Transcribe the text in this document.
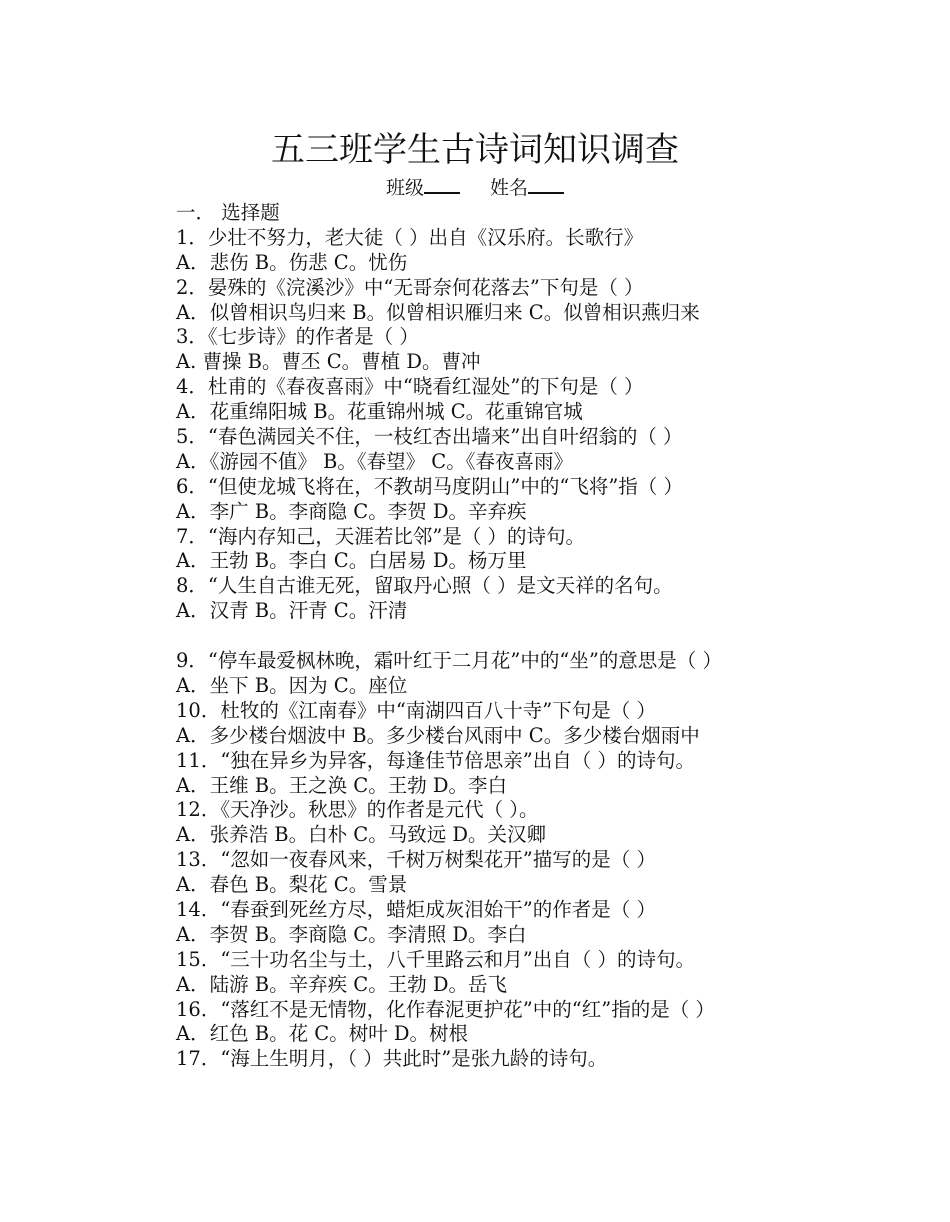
五三班学生古诗词知识调查
班级	姓名
一． 选择题
1．少壮不努力，老大徒（ ）出自《汉乐府。长歌行》
A．悲伤 B。伤悲 C。忧伤
2．晏殊的《浣溪沙》中“无哥奈何花落去”下句是（ ）
A．似曾相识鸟归来 B。似曾相识雁归来 C。似曾相识燕归来
3．《七步诗》的作者是（ ）
A. 曹操 B。曹丕 C。曹植 D。曹冲
4．杜甫的《春夜喜雨》中“晓看红湿处”的下句是（ ）
A．花重绵阳城 B。花重锦州城 C。花重锦官城
5．“春色满园关不住，一枝红杏出墙来”出自叶绍翁的（ ）
A．《游园不值》 B。《春望》 C。《春夜喜雨》
6．“但使龙城飞将在，不教胡马度阴山”中的“飞将”指（ ）
A．李广 B。李商隐 C。李贺 D。辛弃疾
7．“海内存知己，天涯若比邻”是（ ）的诗句。
A．王勃 B。李白 C。白居易 D。杨万里
8．“人生自古谁无死，留取丹心照（ ）是文天祥的名句。
A．汉青 B。汗青 C。汗清
9．“停车最爱枫林晚，霜叶红于二月花”中的“坐”的意思是（ ）
A．坐下 B。因为 C。座位
10．杜牧的《江南春》中“南湖四百八十寺”下句是（ ）
A．多少楼台烟波中 B。多少楼台风雨中 C。多少楼台烟雨中
11．“独在异乡为异客，每逢佳节倍思亲”出自（ ）的诗句。
A．王维 B。王之涣 C。王勃 D。李白
12．《天净沙。秋思》的作者是元代（ ）。
A．张养浩 B。白朴 C。马致远 D。关汉卿
13．“忽如一夜春风来，千树万树梨花开”描写的是（ ）
A．春色 B。梨花 C。雪景
14．“春蚕到死丝方尽，蜡炬成灰泪始干”的作者是（ ）
A．李贺 B。李商隐 C。李清照 D。李白
15．“三十功名尘与土，八千里路云和月”出自（ ）的诗句。
A．陆游 B。辛弃疾 C。王勃 D。岳飞
16．“落红不是无情物，化作春泥更护花”中的“红”指的是（ ）
A．红色 B。花 C。树叶 D。树根
17．“海上生明月，（ ）共此时”是张九龄的诗句。
